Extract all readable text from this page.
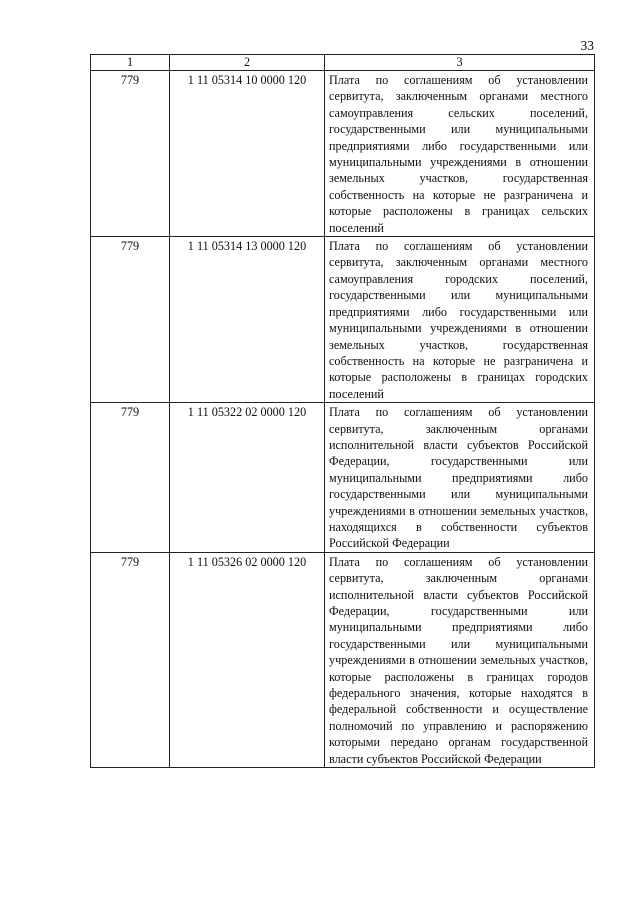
33
1	2	3
779	1 11 05314 10 0000 120	Плата по соглашениям об установлении сервитута, заключенным органами местного самоуправления сельских поселений, государственными или муниципальными предприятиями либо государственными или муниципальными учреждениями в отношении земельных участков, государственная собственность на которые не разграничена и которые расположены в границах сельских поселений
779	1 11 05314 13 0000 120	Плата по соглашениям об установлении сервитута, заключенным органами местного самоуправления городских поселений, государственными или муниципальными предприятиями либо государственными или муниципальными учреждениями в отношении земельных участков, государственная собственность на которые не разграничена и которые расположены в границах городских поселений
779	1 11 05322 02 0000 120	Плата по соглашениям об установлении сервитута, заключенным органами исполнительной власти субъектов Российской Федерации, государственными или муниципальными предприятиями либо государственными или муниципальными учреждениями в отношении земельных участков, находящихся в собственности субъектов Российской Федерации
779	1 11 05326 02 0000 120	Плата по соглашениям об установлении сервитута, заключенным органами исполнительной власти субъектов Российской Федерации, государственными или муниципальными предприятиями либо государственными или муниципальными учреждениями в отношении земельных участков, которые расположены в границах городов федерального значения, которые находятся в федеральной собственности и осуществление полномочий по управлению и распоряжению которыми передано органам государственной власти субъектов Российской Федерации
